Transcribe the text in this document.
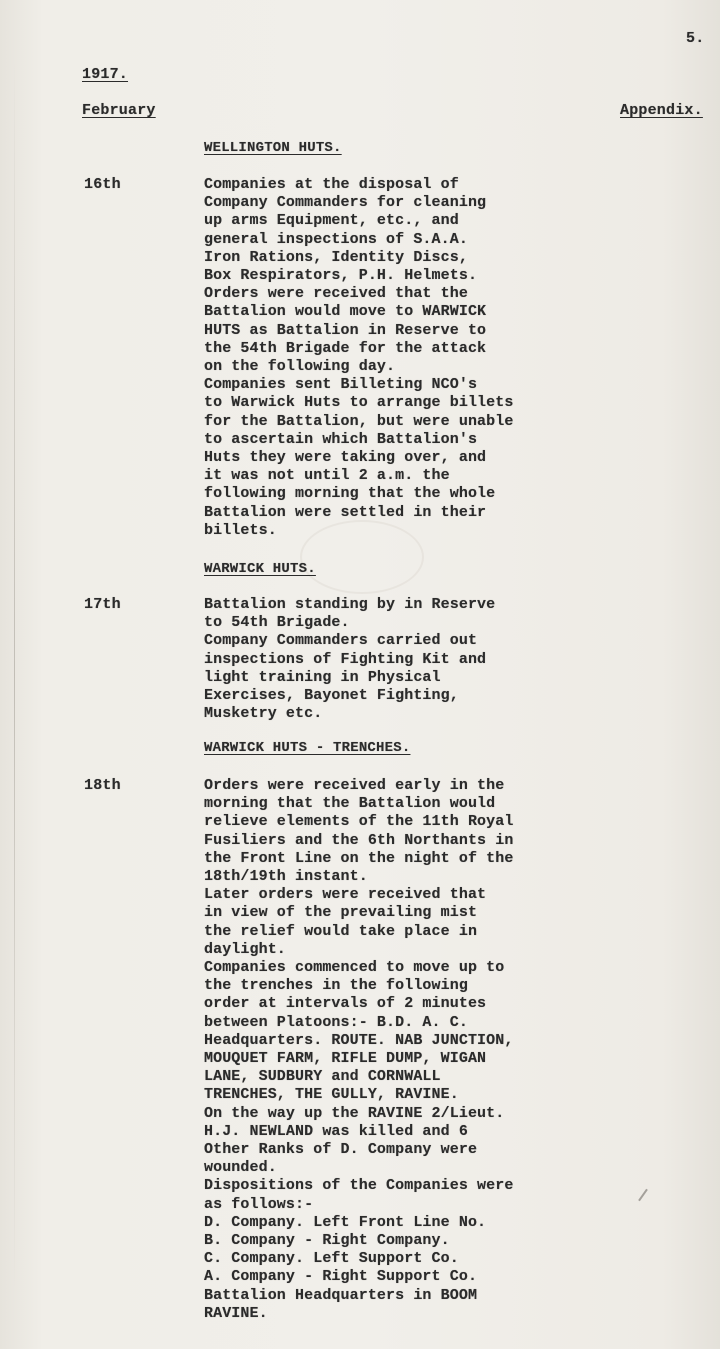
5.
1917.
February	Appendix.
WELLINGTON HUTS.
16th	Companies at the disposal of
Company Commanders for cleaning
up arms Equipment, etc., and
general inspections of S.A.A.
Iron Rations, Identity Discs,
Box Respirators, P.H. Helmets.
Orders were received that the
Battalion would move to WARWICK
HUTS as Battalion in Reserve to
the 54th Brigade for the attack
on the following day.
Companies sent Billeting NCO's
to Warwick Huts to arrange billets
for the Battalion, but were unable
to ascertain which Battalion's
Huts they were taking over, and
it was not until 2 a.m. the
following morning that the whole
Battalion were settled in their
billets.
WARWICK HUTS.
17th	Battalion standing by in Reserve
to 54th Brigade.
Company Commanders carried out
inspections of Fighting Kit and
light training in Physical
Exercises, Bayonet Fighting,
Musketry etc.
WARWICK HUTS - TRENCHES.
18th	Orders were received early in the
morning that the Battalion would
relieve elements of the 11th Royal
Fusiliers and the 6th Northants in
the Front Line on the night of the
18th/19th instant.
Later orders were received that
in view of the prevailing mist
the relief would take place in
daylight.
Companies commenced to move up to
the trenches in the following
order at intervals of 2 minutes
between Platoons:- B.D. A. C.
Headquarters. ROUTE. NAB JUNCTION,
MOUQUET FARM, RIFLE DUMP, WIGAN
LANE, SUDBURY and CORNWALL
TRENCHES, THE GULLY, RAVINE.
On the way up the RAVINE 2/Lieut.
H.J. NEWLAND was killed and 6
Other Ranks of D. Company were
wounded.
Dispositions of the Companies were
as follows:-
D. Company. Left Front Line No.
B. Company - Right Company.
C. Company. Left Support Co.
A. Company - Right Support Co.
Battalion Headquarters in BOOM
RAVINE.
